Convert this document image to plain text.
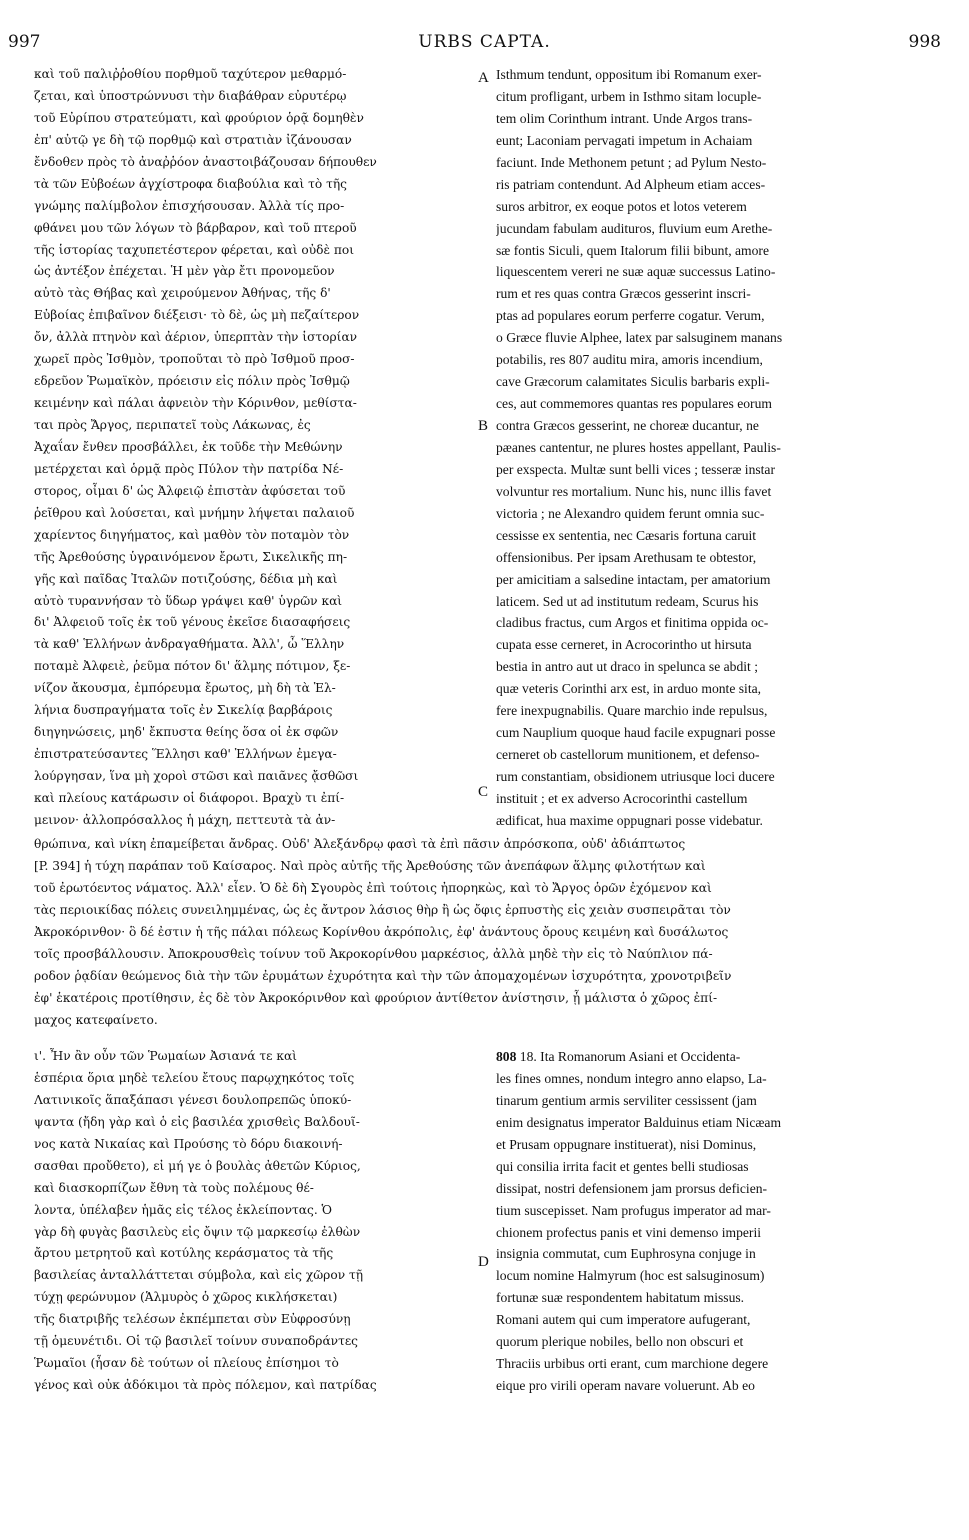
997	URBS CAPTA.	998
A
B
C
D
καὶ τοῦ παλιῤῥοθίου πορθμοῦ ταχύτερον μεθαρμό-
ζεται, καὶ ὑποστρώννυσι τὴν διαβάθραν εὐρυτέρῳ
τοῦ Εὐρίπου στρατεύματι, καὶ φρούριον ὁρᾷ δομηθὲν
ἐπ' αὐτῷ γε δὴ τῷ πορθμῷ καὶ στρατιὰν ἰζάνουσαν
ἔνδοθεν πρὸς τὸ ἀναῤῥόον ἀναστοιβάζουσαν δήπουθεν
τὰ τῶν Εὐβοέων ἀγχίστροφα διαβούλια καὶ τὸ τῆς
γνώμης παλίμβολον ἐπισχήσουσαν. Ἀλλὰ τίς προ-
φθάνει μου τῶν λόγων τὸ βάρβαρον, καὶ τοῦ πτεροῦ
τῆς ἱστορίας ταχυπετέστερον φέρεται, καὶ οὐδὲ ποι
ὡς ἀντέξον ἐπέχεται. Ἡ μὲν γὰρ ἔτι προνομεῦον
αὐτὸ τὰς Θήβας καὶ χειρούμενον Ἀθήνας, τῆς δ'
Εὐβοίας ἐπιβαῖνον διέξεισι· τὸ δὲ, ὡς μὴ πεζαίτερον
ὄν, ἀλλὰ πτηνὸν καὶ ἀέριον, ὑπερπτὰν τὴν ἱστορίαν
χωρεῖ πρὸς Ἰσθμὸν, τροποῦται τὸ πρὸ Ἰσθμοῦ προσ-
εδρεῦον Ῥωμαϊκὸν, πρόεισιν εἰς πόλιν πρὸς Ἰσθμῷ
κειμένην καὶ πάλαι ἀφνειὸν τὴν Κόρινθον, μεθίστα-
ται πρὸς Ἄργος, περιπατεῖ τοὺς Λάκωνας, ἐς
Ἀχαΐαν ἔνθεν προσβάλλει, ἐκ τοῦδε τὴν Μεθώνην
μετέρχεται καὶ ὁρμᾷ πρὸς Πύλον τὴν πατρίδα Νέ-
στορος, οἶμαι δ' ὡς Ἀλφειῷ ἐπιστὰν ἀφύσεται τοῦ
ῥεῖθρου καὶ λούσεται, καὶ μνήμην λήψεται παλαιοῦ
χαρίεντος διηγήματος, καὶ μαθὸν τὸν ποταμὸν τὸν
τῆς Ἀρεθούσης ὑγραινόμενον ἔρωτι, Σικελικῆς πη-
γῆς καὶ παῖδας Ἰταλῶν ποτιζούσης, δέδια μὴ καὶ
αὐτὸ τυραννήσαν τὸ ὕδωρ γράψει καθ' ὑγρῶν καὶ
δι' Ἀλφειοῦ τοῖς ἐκ τοῦ γένους ἐκεῖσε διασαφήσεις
τὰ καθ' Ἑλλήνων ἀνδραγαθήματα. Ἀλλ', ὦ Ἕλλην
ποταμὲ Ἀλφειὲ, ῥεῦμα πότον δι' ἅλμης πότιμον, ξε-
νίζον ἄκουσμα, ἐμπόρευμα ἔρωτος, μὴ δὴ τὰ Ἑλ-
λήνια δυσπραγήματα τοῖς ἐν Σικελίᾳ βαρβάροις
διηγηνώσεις, μηδ' ἔκπυστα θείης ὅσα οἱ ἐκ σφῶν
ἐπιστρατεύσαντες Ἕλλησι καθ' Ἑλλήνων ἐμεγα-
λούργησαν, ἵνα μὴ χοροὶ στῶσι καὶ παιᾶνες ᾄσθῶσι
καὶ πλείους κατάρωσιν οἱ διάφοροι. Βραχὺ τι ἐπί-
μεινον· ἀλλοπρόσαλλος ἡ μάχη, πεττευτὰ τὰ ἀν-
Isthmum tendunt, oppositum ibi Romanum exer-
citum profligant, urbem in Isthmo sitam locuple-
tem olim Corinthum intrant. Unde Argos trans-
eunt; Laconiam pervagati impetum in Achaiam
faciunt. Inde Methonem petunt ; ad Pylum Nesto-
ris patriam contendunt. Ad Alpheum etiam acces-
suros arbitror, ex eoque potos et lotos veterem
jucundam fabulam audituros, fluvium eum Arethe-
sæ fontis Siculi, quem Italorum filii bibunt, amore
liquescentem vereri ne suæ aquæ successus Latino-
rum et res quas contra Græcos gesserint inscri-
ptas ad populares eorum perferre cogatur. Verum,
o Græce fluvie Alphee, latex par salsuginem manans
potabilis, res 807 auditu mira, amoris incendium,
cave Græcorum calamitates Siculis barbaris expli-
ces, aut commemores quantas res populares eorum
contra Græcos gesserint, ne choreæ ducantur, ne
pæanes cantentur, ne plures hostes appellant, Paulis-
per exspecta. Multæ sunt belli vices ; tesseræ instar
volvuntur res mortalium. Nunc his, nunc illis favet
victoria ; ne Alexandro quidem ferunt omnia suc-
cessisse ex sententia, nec Cæsaris fortuna caruit
offensionibus. Per ipsam Arethusam te obtestor,
per amicitiam a salsedine intactam, per amatorium
laticem. Sed ut ad institutum redeam, Scurus his
cladibus fractus, cum Argos et finitima oppida oc-
cupata esse cerneret, in Acrocorintho ut hirsuta
bestia in antro aut ut draco in spelunca se abdit ;
quæ veteris Corinthi arx est, in arduo monte sita,
fere inexpugnabilis. Quare marchio inde repulsus,
cum Nauplium quoque haud facile expugnari posse
cerneret ob castellorum munitionem, et defenso-
rum constantiam, obsidionem utriusque loci ducere
instituit ; et ex adverso Acrocorinthi castellum
ædificat, hua maxime oppugnari posse videbatur.
θρώπινα, καὶ νίκη ἐπαμείβεται ἄνδρας. Οὐδ' Ἀλεξάνδρῳ φασὶ τὰ ἐπὶ πᾶσιν ἀπρόσκοπα, οὐδ' ἀδιάπτωτος
[P. 394] ἡ τύχη παράπαν τοῦ Καίσαρος. Ναὶ πρὸς αὐτῆς τῆς Ἀρεθούσης τῶν ἀνεπάφων ἅλμης φιλοτήτων καὶ
τοῦ ἐρωτόεντος νάματος. Ἀλλ' εἶεν. Ὁ δὲ δὴ Σγουρὸς ἐπὶ τούτοις ἠπορηκὼς, καὶ τὸ Ἄργος ὁρῶν ἐχόμενον καὶ
τὰς περιοικίδας πόλεις συνειλημμένας, ὡς ἐς ἄντρον λάσιος θὴρ ἢ ὡς ὄφις ἑρπυστὴς εἰς χειὰν συσπειρᾶται τὸν
Ἀκροκόρινθον· ὃ δέ ἐστιν ἡ τῆς πάλαι πόλεως Κορίνθου ἀκρόπολις, ἐφ' ἀνάντους ὄρους κειμένη καὶ δυσάλωτος
τοῖς προσβάλλουσιν. Ἀποκρουσθεὶς τοίνυν τοῦ Ἀκροκορίνθου μαρκέσιος, ἀλλὰ μηδὲ τὴν εἰς τὸ Ναύπλιον πά-
ροδον ῥᾳδίαν θεώμενος διὰ τὴν τῶν ἐρυμάτων ἐχυρότητα καὶ τὴν τῶν ἀπομαχομένων ἰσχυρότητα, χρονοτριβεῖν
ἐφ' ἑκατέροις προτίθησιν, ἐς δὲ τὸν Ἀκροκόρινθον καὶ φρούριον ἀντίθετον ἀνίστησιν, ᾗ μάλιστα ὁ χῶρος ἐπί-
μαχος κατεφαίνετο.
ι'. Ἦν ἂν οὖν τῶν Ῥωμαίων Ἀσιανά τε καὶ
ἑσπέρια ὅρια μηδὲ τελείου ἔτους παρῳχηκότος τοῖς
Λατινικοῖς ἅπαξάπασι γένεσι δουλοπρεπῶς ὑποκύ-
ψαντα (ἤδη γὰρ καὶ ὁ εἰς βασιλέα χρισθεὶς Βαλδουῖ-
νος κατὰ Νικαίας καὶ Προύσης τὸ δόρυ διακοινή-
σασθαι προὔθετο), εἰ μή γε ὁ βουλὰς ἀθετῶν Κύριος,
καὶ διασκορπίζων ἔθνη τὰ τοὺς πολέμους θέ-
λοντα, ὑπέλαβεν ἡμᾶς εἰς τέλος ἐκλείποντας. Ὁ
γὰρ δὴ φυγὰς βασιλεὺς εἰς ὄψιν τῷ μαρκεσίῳ ἐλθὼν
ἄρτου μετρητοῦ καὶ κοτύλης κεράσματος τὰ τῆς
βασιλείας ἀνταλλάττεται σύμβολα, καὶ εἰς χῶρον τῇ
τύχῃ φερώνυμον (Ἁλμυρὸς ὁ χῶρος κικλήσκεται)
τῆς διατριβῆς τελέσων ἐκπέμπεται σὺν Εὐφροσύνῃ
τῇ ὁμευνέτιδι. Οἱ τῷ βασιλεῖ τοίνυν συναποδράντες
Ῥωμαῖοι (ἦσαν δὲ τούτων οἱ πλείους ἐπίσημοι τὸ
γένος καὶ οὐκ ἀδόκιμοι τὰ πρὸς πόλεμον, καὶ πατρίδας
808 18. Ita Romanorum Asiani et Occidenta-
les fines omnes, nondum integro anno elapso, La-
tinarum gentium armis serviliter cessissent (jam
enim designatus imperator Balduinus etiam Nicæam
et Prusam oppugnare instituerat), nisi Dominus,
qui consilia irrita facit et gentes belli studiosas
dissipat, nostri defensionem jam prorsus deficien-
tium suscepisset. Nam profugus imperator ad mar-
chionem profectus panis et vini demenso imperii
insignia commutat, cum Euphrosyna conjuge in
locum nomine Halmyrum (hoc est salsuginosum)
fortunæ suæ respondentem habitatum missus.
Romani autem qui cum imperatore aufugerant,
quorum plerique nobiles, bello non obscuri et
Thraciis urbibus orti erant, cum marchione degere
eique pro virili operam navare voluerunt. Ab eo
